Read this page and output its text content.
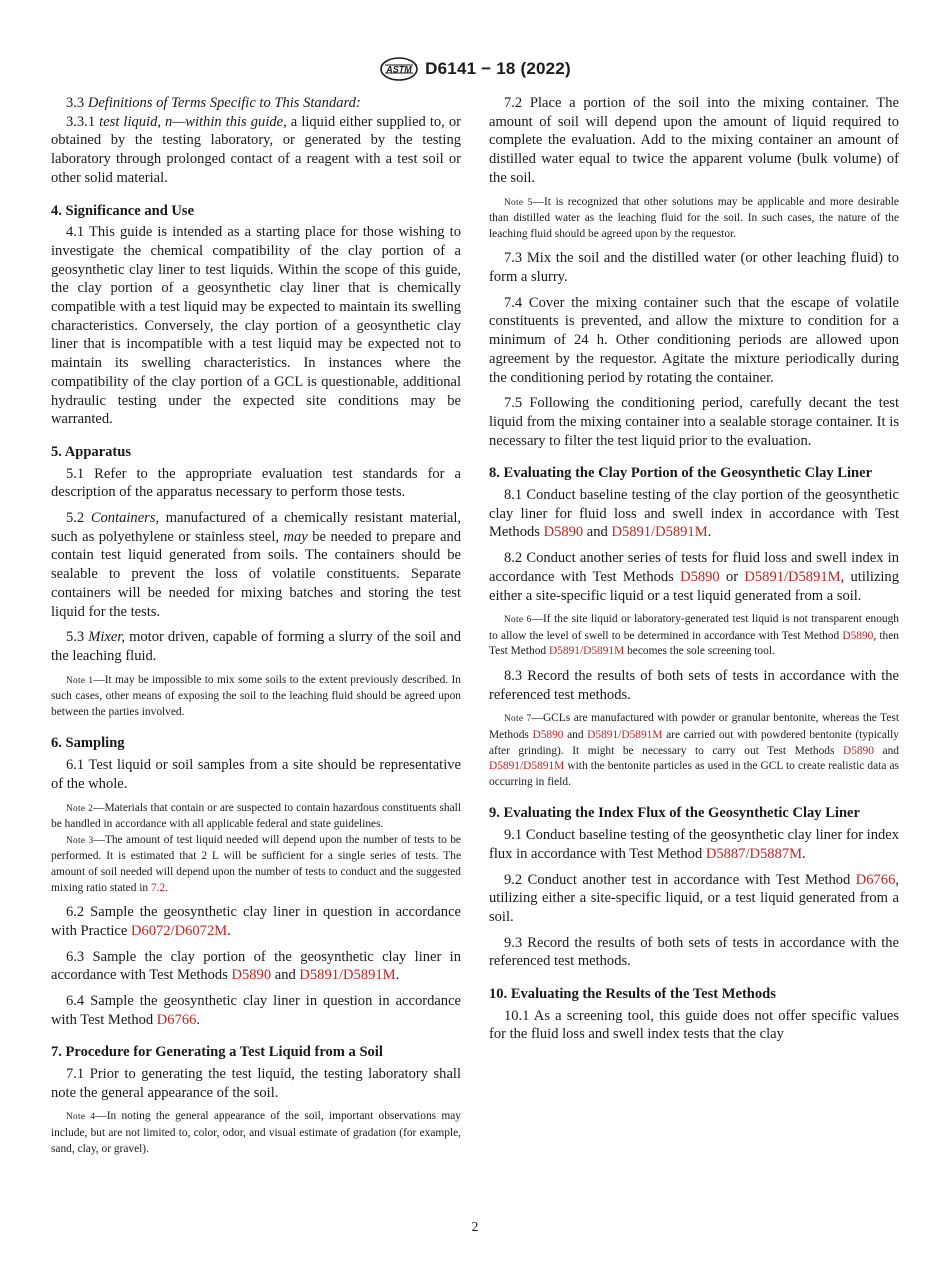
ASTM D6141 − 18 (2022)

3.3 Definitions of Terms Specific to This Standard:

3.3.1 test liquid, n—within this guide, a liquid either supplied to, or obtained by the testing laboratory, or generated by the testing laboratory through prolonged contact of a reagent with a test soil or other solid material.

4. Significance and Use

4.1 This guide is intended as a starting place for those wishing to investigate the chemical compatibility of the clay portion of a geosynthetic clay liner to test liquids. Within the scope of this guide, the clay portion of a geosynthetic clay liner that is chemically compatible with a test liquid may be expected to maintain its swelling characteristics. Conversely, the clay portion of a geosynthetic clay liner that is incompatible with a test liquid may be expected not to maintain its swelling characteristics. In instances where the compatibility of the clay portion of a GCL is questionable, additional hydraulic testing under the expected site conditions may be warranted.

5. Apparatus

5.1 Refer to the appropriate evaluation test standards for a description of the apparatus necessary to perform those tests.

5.2 Containers, manufactured of a chemically resistant material, such as polyethylene or stainless steel, may be needed to prepare and contain test liquid generated from soils. The containers should be sealable to prevent the loss of volatile constituents. Separate containers will be needed for mixing batches and storing the test liquid for the tests.

5.3 Mixer, motor driven, capable of forming a slurry of the soil and the leaching fluid.

Note 1—It may be impossible to mix some soils to the extent previously described. In such cases, other means of exposing the soil to the leaching fluid should be agreed upon between the parties involved.

6. Sampling

6.1 Test liquid or soil samples from a site should be representative of the whole.

Note 2—Materials that contain or are suspected to contain hazardous constituents shall be handled in accordance with all applicable federal and state guidelines.

Note 3—The amount of test liquid needed will depend upon the number of tests to be performed. It is estimated that 2 L will be sufficient for a single series of tests. The amount of soil needed will depend upon the number of tests to conduct and the suggested mixing ratio stated in 7.2.

6.2 Sample the geosynthetic clay liner in question in accordance with Practice D6072/D6072M.

6.3 Sample the clay portion of the geosynthetic clay liner in accordance with Test Methods D5890 and D5891/D5891M.

6.4 Sample the geosynthetic clay liner in question in accordance with Test Method D6766.

7. Procedure for Generating a Test Liquid from a Soil

7.1 Prior to generating the test liquid, the testing laboratory shall note the general appearance of the soil.

Note 4—In noting the general appearance of the soil, important observations may include, but are not limited to, color, odor, and visual estimate of gradation (for example, sand, clay, or gravel).

7.2 Place a portion of the soil into the mixing container. The amount of soil will depend upon the amount of liquid required to complete the evaluation. Add to the mixing container an amount of distilled water equal to twice the apparent volume (bulk volume) of the soil.

Note 5—It is recognized that other solutions may be applicable and more desirable than distilled water as the leaching fluid for the soil. In such cases, the nature of the leaching fluid should be agreed upon by the requestor.

7.3 Mix the soil and the distilled water (or other leaching fluid) to form a slurry.

7.4 Cover the mixing container such that the escape of volatile constituents is prevented, and allow the mixture to condition for a minimum of 24 h. Other conditioning periods are allowed upon agreement by the requestor. Agitate the mixture periodically during the conditioning period by rotating the container.

7.5 Following the conditioning period, carefully decant the test liquid from the mixing container into a sealable storage container. It is necessary to filter the test liquid prior to the evaluation.

8. Evaluating the Clay Portion of the Geosynthetic Clay Liner

8.1 Conduct baseline testing of the clay portion of the geosynthetic clay liner for fluid loss and swell index in accordance with Test Methods D5890 and D5891/D5891M.

8.2 Conduct another series of tests for fluid loss and swell index in accordance with Test Methods D5890 or D5891/D5891M, utilizing either a site-specific liquid or a test liquid generated from a soil.

Note 6—If the site liquid or laboratory-generated test liquid is not transparent enough to allow the level of swell to be determined in accordance with Test Method D5890, then Test Method D5891/D5891M becomes the sole screening tool.

8.3 Record the results of both sets of tests in accordance with the referenced test methods.

Note 7—GCLs are manufactured with powder or granular bentonite, whereas the Test Methods D5890 and D5891/D5891M are carried out with powdered bentonite (typically after grinding). It might be necessary to carry out Test Methods D5890 and D5891/D5891M with the bentonite particles as used in the GCL to create realistic data as occurring in field.

9. Evaluating the Index Flux of the Geosynthetic Clay Liner

9.1 Conduct baseline testing of the geosynthetic clay liner for index flux in accordance with Test Method D5887/D5887M.

9.2 Conduct another test in accordance with Test Method D6766, utilizing either a site-specific liquid, or a test liquid generated from a soil.

9.3 Record the results of both sets of tests in accordance with the referenced test methods.

10. Evaluating the Results of the Test Methods

10.1 As a screening tool, this guide does not offer specific values for the fluid loss and swell index tests that the clay

2
